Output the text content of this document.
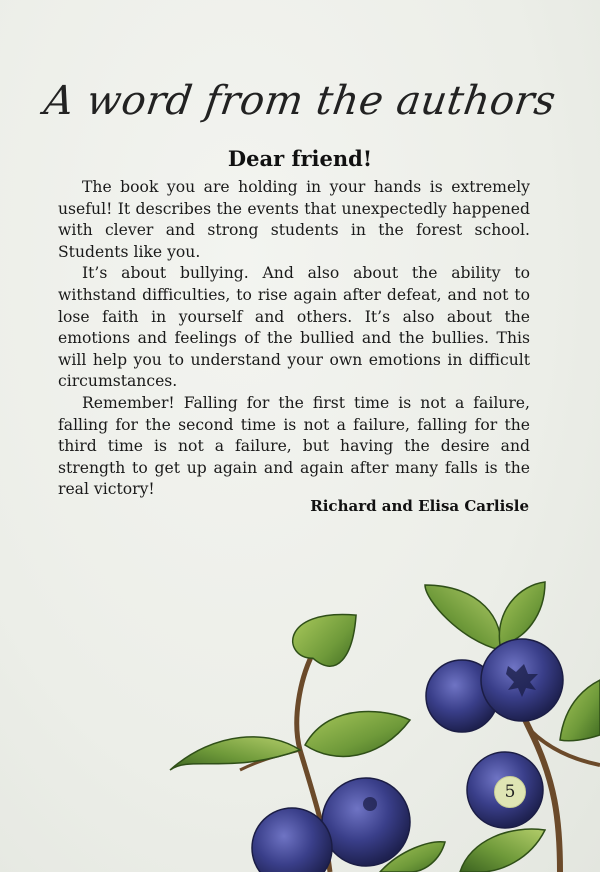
A word from the authors
Dear friend!

The book you are holding in your hands is extremely useful! It describes the events that unexpectedly happened with clever and strong students in the forest school. Students like you.

It’s about bullying. And also about the ability to withstand difficulties, to rise again after defeat, and not to lose faith in yourself and others. It’s also about the emotions and feelings of the bullied and the bullies. This will help you to understand your own emotions in difficult circumstances.

Remember! Falling for the first time is not a failure, falling for the second time is not a failure, falling for the third time is not a failure, but having the desire and strength to get up again and again after many falls is the real victory!

Richard and Elisa Carlisle
5
